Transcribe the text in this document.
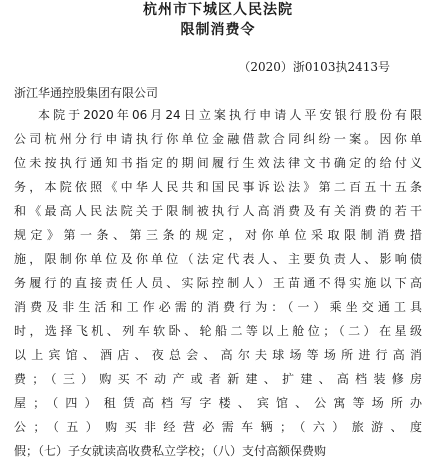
杭州市下城区人民法院
限制消费令
（2020）浙0103执2413号
浙江华通控股集团有限公司
本院于2020年06月24日立案执行申请人平安银行股份有限
公司杭州分行申请执行你单位金融借款合同纠纷一案。因你单
位未按执行通知书指定的期间履行生效法律文书确定的给付义
务，本院依照《中华人民共和国民事诉讼法》第二百五十五条
和《最高人民法院关于限制被执行人高消费及有关消费的若干
规定》第一条、第三条的规定，对你单位采取限制消费措
施，限制你单位及你单位（法定代表人、主要负责人、影响债
务履行的直接责任人员、实际控制人）王苗通不得实施以下高
消费及非生活和工作必需的消费行为：（一）乘坐交通工具
时，选择飞机、列车软卧、轮船二等以上舱位；（二）在星级
以上宾馆、酒店、夜总会、高尔夫球场等场所进行高消
费；（三）购买不动产或者新建、扩建、高档装修房
屋；（四）租赁高档写字楼、宾馆、公寓等场所办
公；（五）购买非经营必需车辆；（六）旅游、度
假；（七）子女就读高收费私立学校；（八）支付高额保费购
